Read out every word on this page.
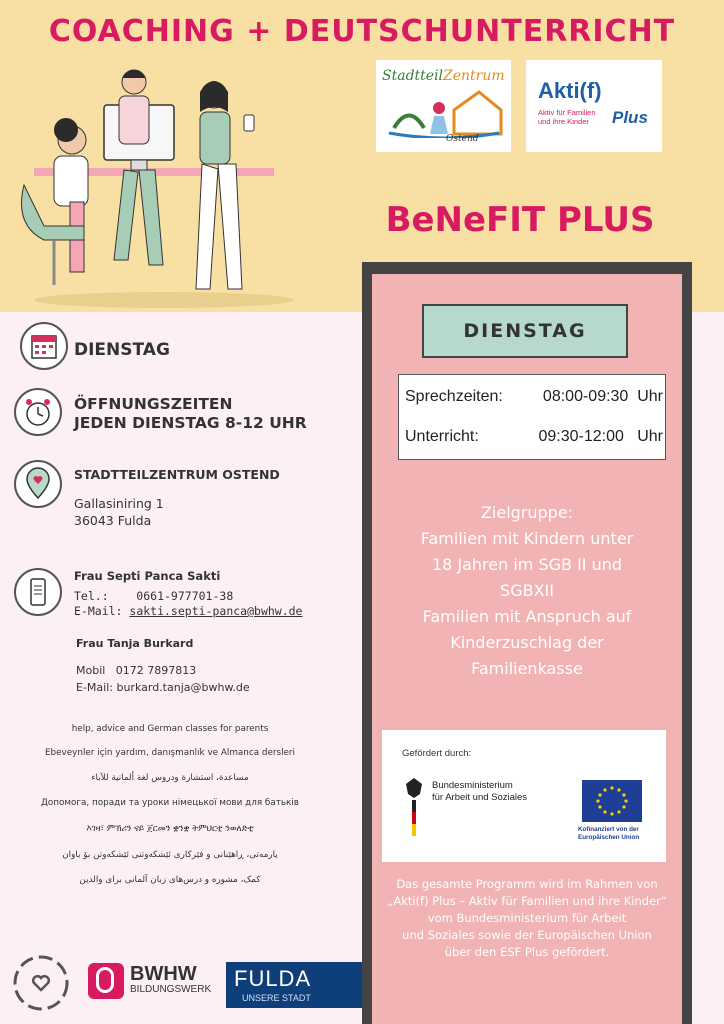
COACHING + DEUTSCHUNTERRICHT
StadtteilZentrum
Ostend
Akti(f)
Aktiv für Familien
und ihre Kinder	Plus
BeNeFIT PLUS
DIENSTAG
Sprechzeiten:	08:00-09:30  Uhr
Unterricht:	09:30-12:00   Uhr
Zielgruppe:
Familien mit Kindern unter
18 Jahren im SGB II und
SGBXII
Familien mit Anspruch auf
Kinderzuschlag der
Familienkasse
Gefördert durch:
Bundesministerium
für Arbeit und Soziales
Kofinanziert von der
Europäischen Union
Das gesamte Programm wird im Rahmen von
„Akti(f) Plus – Aktiv für Familien und ihre Kinder“
vom Bundesministerium für Arbeit
und Soziales sowie der Europäischen Union
über den ESF Plus gefördert.
DIENSTAG
ÖFFNUNGSZEITEN
JEDEN DIENSTAG 8-12 UHR
STADTTEILZENTRUM OSTEND
Gallasiniring 1
36043 Fulda
Frau Septi Panca Sakti
Tel.:    0661-977701-38
E-Mail: sakti.septi-panca@bwhw.de
Frau Tanja Burkard
Mobil   0172 7897813
E-Mail: burkard.tanja@bwhw.de
help, advice and German classes for parents
Ebeveynler için yardım, danışmanlık ve Almanca dersleri
مساعدة، استشارة ودروس لغة ألمانية للآباء
Допомога, поради та уроки німецької мови для батьків
እገዛ፣ ምኽሪን ናይ ጀርመን ቋንቋ ትምህርቲ ንወለድቲ
یارمەتی، ڕاهێنانی و فێرکاری ئێشکەوتنی ئێشکەوتن بۆ باوان
کمک، مشوره و درس‌های زبان آلمانی برای والدین
BWHW
BILDUNGSWERK FULDA
UNSERE STADT
